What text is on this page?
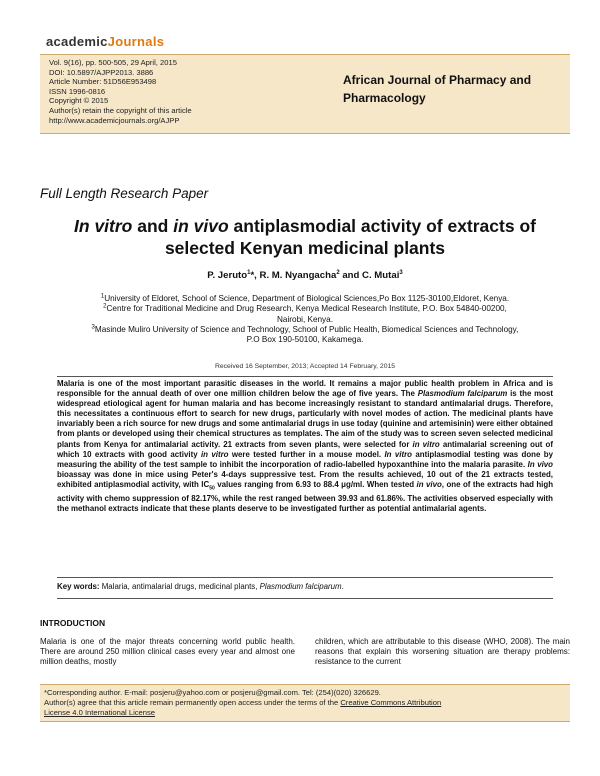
academicJournals
Vol. 9(16), pp. 500-505, 29 April, 2015
DOI: 10.5897/AJPP2013. 3886
Article Number: 51D56E953498
ISSN 1996-0816
Copyright © 2015
Author(s) retain the copyright of this article
http://www.academicjournals.org/AJPP
African Journal of Pharmacy and
Pharmacology
Full Length Research Paper
In vitro and in vivo antiplasmodial activity of extracts of
selected Kenyan medicinal plants
P. Jeruto$^1$*, R. M. Nyangacha$^2$ and C. Mutai$^3$
$^1$University of Eldoret, School of Science, Department of Biological Sciences,Po Box 1125-30100,Eldoret, Kenya.
$^2$Centre for Traditional Medicine and Drug Research, Kenya Medical Research Institute, P.O. Box 54840-00200,
Nairobi, Kenya.
$^3$Masinde Muliro University of Science and Technology, School of Public Health, Biomedical Sciences and Technology,
P.O Box 190-50100, Kakamega.
Received 16 September, 2013; Accepted 14 February, 2015
Malaria is one of the most important parasitic diseases in the world. It remains a major public health problem in Africa and is responsible for the annual death of over one million children below the age of five years. The Plasmodium falciparum is the most widespread etiological agent for human malaria and has become increasingly resistant to standard antimalarial drugs. Therefore, this necessitates a continuous effort to search for new drugs, particularly with novel modes of action. The medicinal plants have invariably been a rich source for new drugs and some antimalarial drugs in use today (quinine and artemisinin) were either obtained from plants or developed using their chemical structures as templates. The aim of the study was to screen seven selected medicinal plants from Kenya for antimalarial activity. 21 extracts from seven plants, were selected for in vitro antimalarial screening out of which 10 extracts with good activity in vitro were tested further in a mouse model. In vitro antiplasmodial testing was done by measuring the ability of the test sample to inhibit the incorporation of radio-labelled hypoxanthine into the malaria parasite. In vivo bioassay was done in mice using Peter's 4-days suppressive test. From the results achieved, 10 out of the 21 extracts tested, exhibited antiplasmodial activity, with $IC_{50}$ values ranging from 6.93 to 88.4 μg/ml. When tested in vivo, one of the extracts had high activity with chemo suppression of 82.17%, while the rest ranged between 39.93 and 61.86%. The activities observed especially with the methanol extracts indicate that these plants deserve to be investigated further as potential antimalarial agents.
Key words: Malaria, antimalarial drugs, medicinal plants, Plasmodium falciparum.
INTRODUCTION
Malaria is one of the major threats concerning world public health. There are around 250 million clinical cases every year and almost one million deaths, mostly
children, which are attributable to this disease (WHO, 2008). The main reasons that explain this worsening situation are therapy problems: resistance to the current
*Corresponding author. E-mail: posjeru@yahoo.com or posjeru@gmail.com. Tel: (254)(020) 326629.
Author(s) agree that this article remain permanently open access under the terms of the Creative Commons Attribution
License 4.0 International License
